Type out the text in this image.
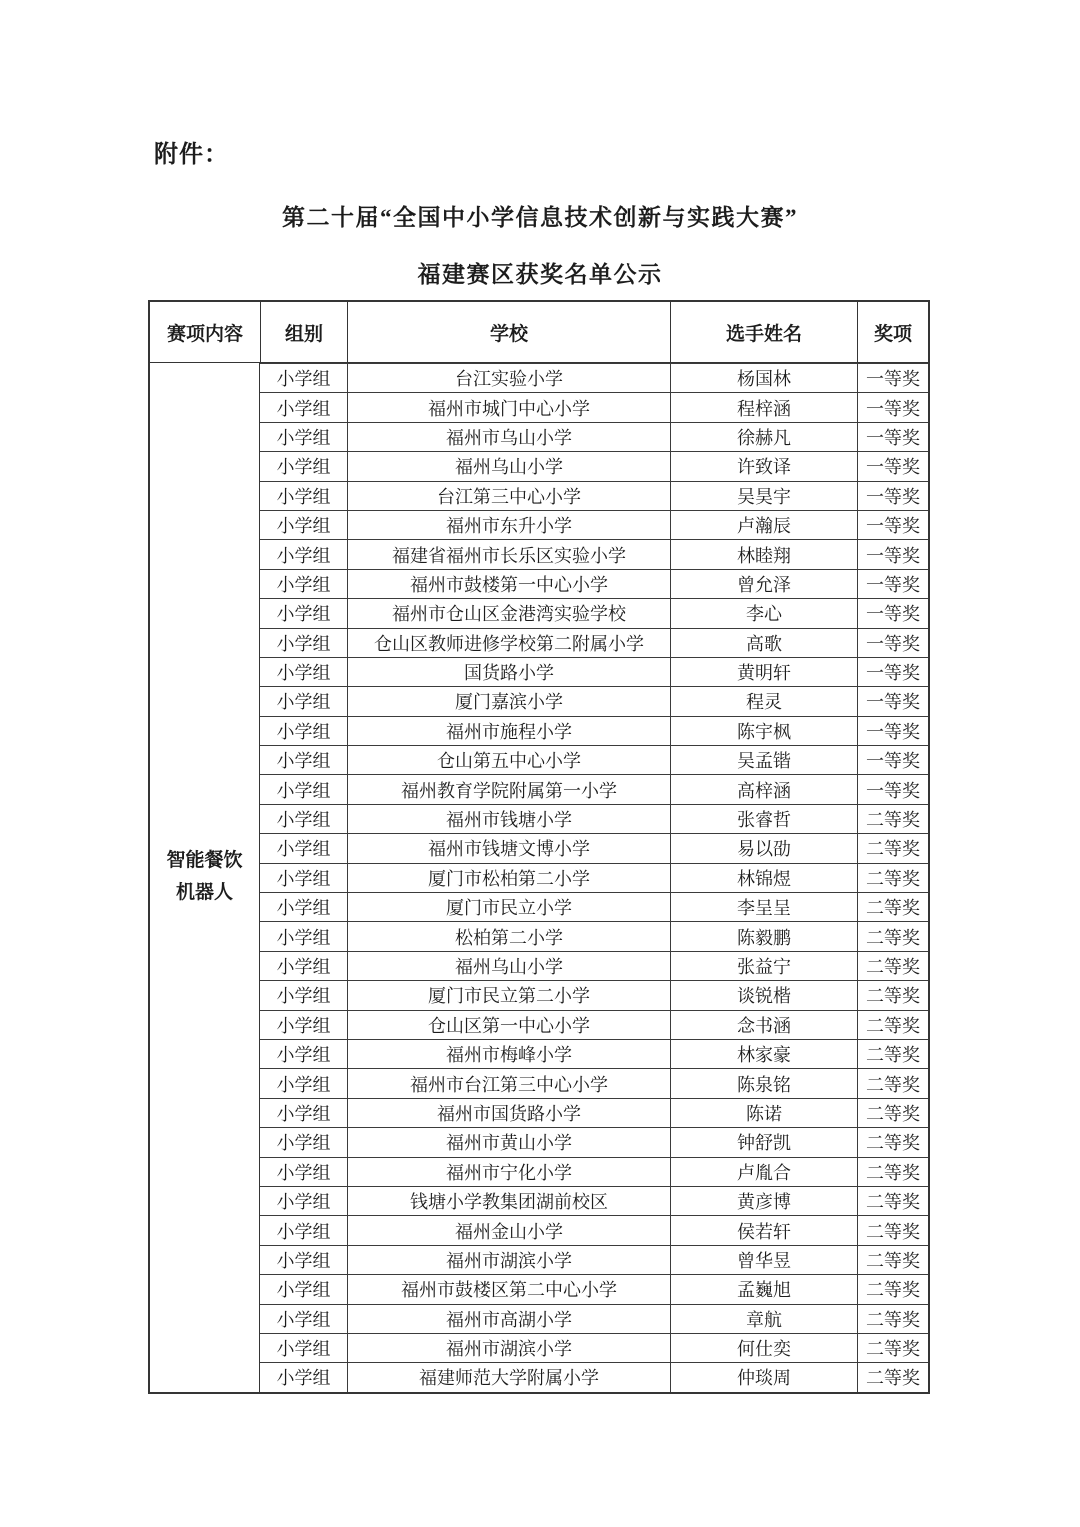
附件：
第二十届“全国中小学信息技术创新与实践大赛”
福建赛区获奖名单公示
赛项内容	组别	学校	选手姓名	奖项
智能餐饮机器人
小学组	台江实验小学	杨国林	一等奖
小学组	福州市城门中心小学	程梓涵	一等奖
小学组	福州市乌山小学	徐赫凡	一等奖
小学组	福州乌山小学	许致译	一等奖
小学组	台江第三中心小学	吴昊宇	一等奖
小学组	福州市东升小学	卢瀚辰	一等奖
小学组	福建省福州市长乐区实验小学	林睦翔	一等奖
小学组	福州市鼓楼第一中心小学	曾允泽	一等奖
小学组	福州市仓山区金港湾实验学校	李心	一等奖
小学组	仓山区教师进修学校第二附属小学	高歌	一等奖
小学组	国货路小学	黄明轩	一等奖
小学组	厦门嘉滨小学	程灵	一等奖
小学组	福州市施程小学	陈宇枫	一等奖
小学组	仓山第五中心小学	吴孟锴	一等奖
小学组	福州教育学院附属第一小学	高梓涵	一等奖
小学组	福州市钱塘小学	张睿哲	二等奖
小学组	福州市钱塘文博小学	易以劭	二等奖
小学组	厦门市松柏第二小学	林锦煜	二等奖
小学组	厦门市民立小学	李呈呈	二等奖
小学组	松柏第二小学	陈毅鹏	二等奖
小学组	福州乌山小学	张益宁	二等奖
小学组	厦门市民立第二小学	谈锐楷	二等奖
小学组	仓山区第一中心小学	念书涵	二等奖
小学组	福州市梅峰小学	林家豪	二等奖
小学组	福州市台江第三中心小学	陈泉铭	二等奖
小学组	福州市国货路小学	陈诺	二等奖
小学组	福州市黄山小学	钟舒凯	二等奖
小学组	福州市宁化小学	卢胤合	二等奖
小学组	钱塘小学教集团湖前校区	黄彦博	二等奖
小学组	福州金山小学	侯若轩	二等奖
小学组	福州市湖滨小学	曾华昱	二等奖
小学组	福州市鼓楼区第二中心小学	孟巍旭	二等奖
小学组	福州市高湖小学	章航	二等奖
小学组	福州市湖滨小学	何仕奕	二等奖
小学组	福建师范大学附属小学	仲琰周	二等奖
